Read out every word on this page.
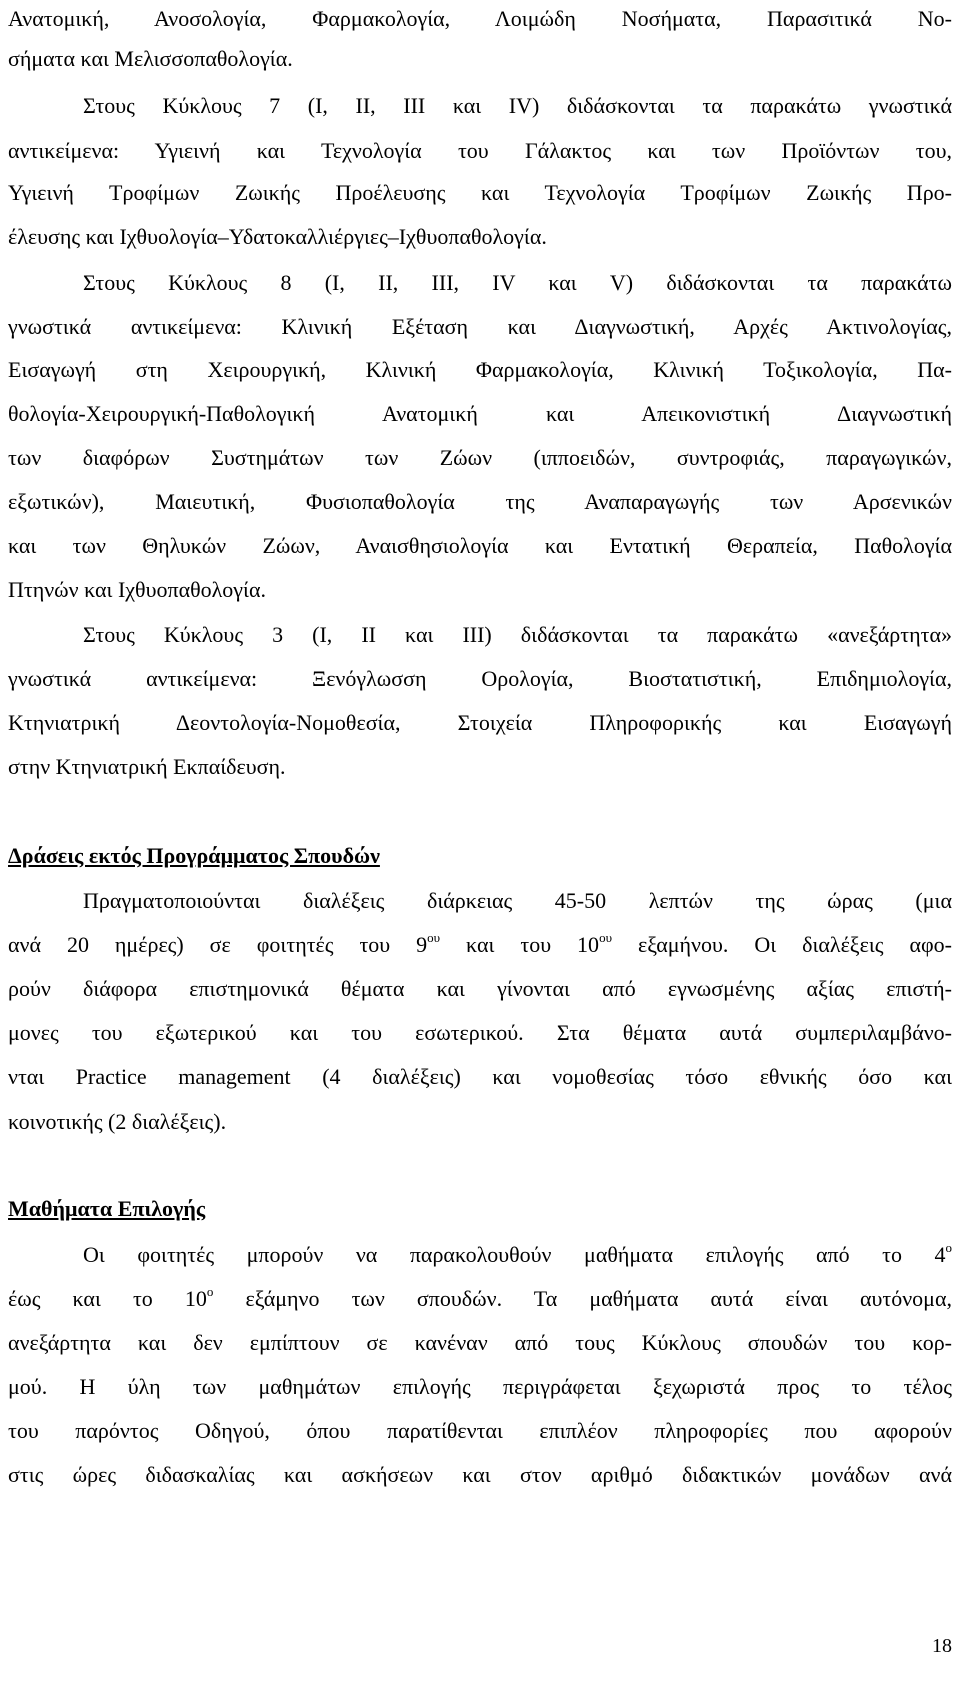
Ανατομική, Ανοσολογία, Φαρμακολογία, Λοιμώδη Νοσήματα, Παρασιτικά Νο-
σήματα και Μελισσοπαθολογία.
Στους Κύκλους 7 (I, II, III και IV) διδάσκονται τα παρακάτω γνωστικά
αντικείμενα: Υγιεινή και Τεχνολογία του Γάλακτος και των Προϊόντων του,
Υγιεινή Τροφίμων Ζωικής Προέλευσης και Τεχνολογία Τροφίμων Ζωικής Προ-
έλευσης και Ιχθυολογία–Υδατοκαλλιέργιες–Ιχθυοπαθολογία.
Στους Κύκλους 8 (I, II, III, IV και V) διδάσκονται τα παρακάτω
γνωστικά αντικείμενα: Κλινική Εξέταση και Διαγνωστική, Αρχές Ακτινολογίας,
Εισαγωγή στη Χειρουργική, Κλινική Φαρμακολογία, Κλινική Τοξικολογία, Πα-
θολογία-Χειρουργική-Παθολογική Ανατομική και Απεικονιστική Διαγνωστική
των διαφόρων Συστημάτων των Ζώων (ιπποειδών, συντροφιάς, παραγωγικών,
εξωτικών), Μαιευτική, Φυσιοπαθολογία της Αναπαραγωγής των Αρσενικών
και των Θηλυκών Ζώων, Αναισθησιολογία και Εντατική Θεραπεία, Παθολογία
Πτηνών και Ιχθυοπαθολογία.
Στους Κύκλους 3 (I, II και III) διδάσκονται τα παρακάτω «ανεξάρτητα»
γνωστικά αντικείμενα: Ξενόγλωσση Ορολογία, Βιοστατιστική, Επιδημιολογία,
Κτηνιατρική Δεοντολογία-Νομοθεσία, Στοιχεία Πληροφορικής και Εισαγωγή
στην Κτηνιατρική Εκπαίδευση.
Δράσεις εκτός Προγράμματος Σπουδών
Πραγματοποιούνται διαλέξεις διάρκειας 45-50 λεπτών της ώρας (μια
ανά 20 ημέρες) σε φοιτητές του $9^{o\upsilon}$ και του $10^{o\upsilon}$ εξαμήνου. Οι διαλέξεις αφο-
ρούν διάφορα επιστημονικά θέματα και γίνονται από εγνωσμένης αξίας επιστή-
μονες του εξωτερικού και του εσωτερικού. Στα θέματα αυτά συμπεριλαμβάνο-
νται Practice management (4 διαλέξεις) και νομοθεσίας τόσο εθνικής όσο και
κοινοτικής (2 διαλέξεις).
Μαθήματα Επιλογής
Οι φοιτητές μπορούν να παρακολουθούν μαθήματα επιλογής από το $4^o$
έως και το $10^o$ εξάμηνο των σπουδών. Τα μαθήματα αυτά είναι αυτόνομα,
ανεξάρτητα και δεν εμπίπτουν σε κανέναν από τους Κύκλους σπουδών του κορ-
μού. Η ύλη των μαθημάτων επιλογής περιγράφεται ξεχωριστά προς το τέλος
του παρόντος Οδηγού, όπου παρατίθενται επιπλέον πληροφορίες που αφορούν
στις ώρες διδασκαλίας και ασκήσεων και στον αριθμό διδακτικών μονάδων ανά
18
